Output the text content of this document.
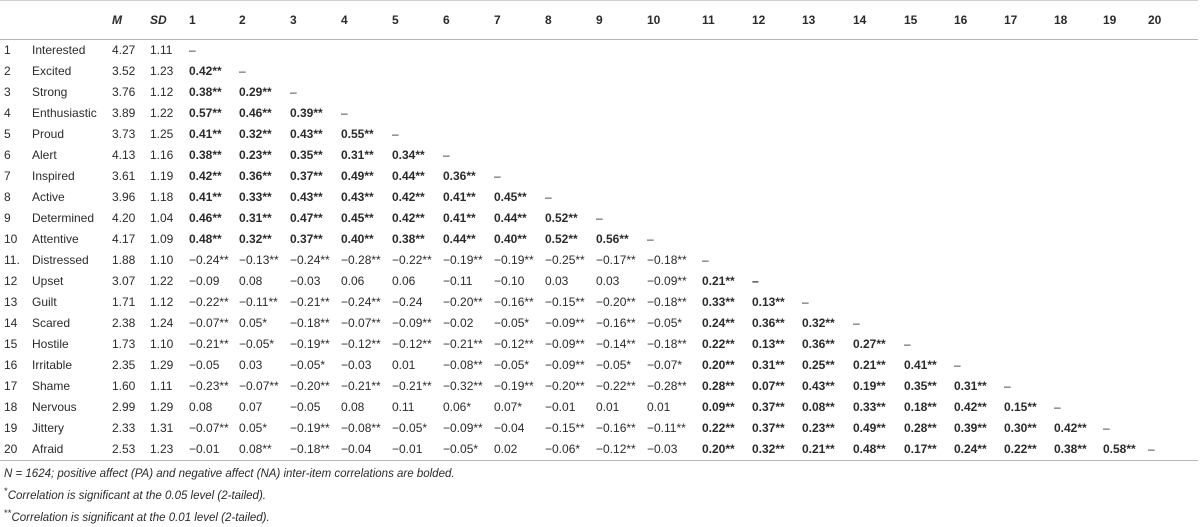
		M	SD	1	2	3	4	5	6	7	8	9	10	11	12	13	14	15	16	17	18	19	20
1	Interested	4.27	1.11	–																			
2	Excited	3.52	1.23	0.42**	–																		
3	Strong	3.76	1.12	0.38**	0.29**	–																	
4	Enthusiastic	3.89	1.22	0.57**	0.46**	0.39**	–																
5	Proud	3.73	1.25	0.41**	0.32**	0.43**	0.55**	–															
6	Alert	4.13	1.16	0.38**	0.23**	0.35**	0.31**	0.34**	–														
7	Inspired	3.61	1.19	0.42**	0.36**	0.37**	0.49**	0.44**	0.36**	–													
8	Active	3.96	1.18	0.41**	0.33**	0.43**	0.43**	0.42**	0.41**	0.45**	–												
9	Determined	4.20	1.04	0.46**	0.31**	0.47**	0.45**	0.42**	0.41**	0.44**	0.52**	–											
10	Attentive	4.17	1.09	0.48**	0.32**	0.37**	0.40**	0.38**	0.44**	0.40**	0.52**	0.56**	–										
11.	Distressed	1.88	1.10	−0.24**	−0.13**	−0.24**	−0.28**	−0.22**	−0.19**	−0.19**	−0.25**	−0.17**	−0.18**	–									
12	Upset	3.07	1.22	−0.09	0.08	−0.03	0.06	0.06	−0.11	−0.10	0.03	0.03	−0.09**	0.21**	–								
13	Guilt	1.71	1.12	−0.22**	−0.11**	−0.21**	−0.24**	−0.24	−0.20**	−0.16**	−0.15**	−0.20**	−0.18**	0.33**	0.13**	–							
14	Scared	2.38	1.24	−0.07**	0.05*	−0.18**	−0.07**	−0.09**	−0.02	−0.05*	−0.09**	−0.16**	−0.05*	0.24**	0.36**	0.32**	–						
15	Hostile	1.73	1.10	−0.21**	−0.05*	−0.19**	−0.12**	−0.12**	−0.21**	−0.12**	−0.09**	−0.14**	−0.18**	0.22**	0.13**	0.36**	0.27**	–					
16	Irritable	2.35	1.29	−0.05	0.03	−0.05*	−0.03	0.01	−0.08**	−0.05*	−0.09**	−0.05*	−0.07*	0.20**	0.31**	0.25**	0.21**	0.41**	–				
17	Shame	1.60	1.11	−0.23**	−0.07**	−0.20**	−0.21**	−0.21**	−0.32**	−0.19**	−0.20**	−0.22**	−0.28**	0.28**	0.07**	0.43**	0.19**	0.35**	0.31**	–			
18	Nervous	2.99	1.29	0.08	0.07	−0.05	0.08	0.11	0.06*	0.07*	−0.01	0.01	0.01	0.09**	0.37**	0.08**	0.33**	0.18**	0.42**	0.15**	–		
19	Jittery	2.33	1.31	−0.07**	0.05*	−0.19**	−0.08**	−0.05*	−0.09**	−0.04	−0.15**	−0.16**	−0.11**	0.22**	0.37**	0.23**	0.49**	0.28**	0.39**	0.30**	0.42**	–	
20	Afraid	2.53	1.23	−0.01	0.08**	−0.18**	−0.04	−0.01	−0.05*	0.02	−0.06*	−0.12**	−0.03	0.20**	0.32**	0.21**	0.48**	0.17**	0.24**	0.22**	0.38**	0.58**	–
N = 1624; positive affect (PA) and negative affect (NA) inter-item correlations are bolded.
*Correlation is significant at the 0.05 level (2-tailed).
**Correlation is significant at the 0.01 level (2-tailed).
